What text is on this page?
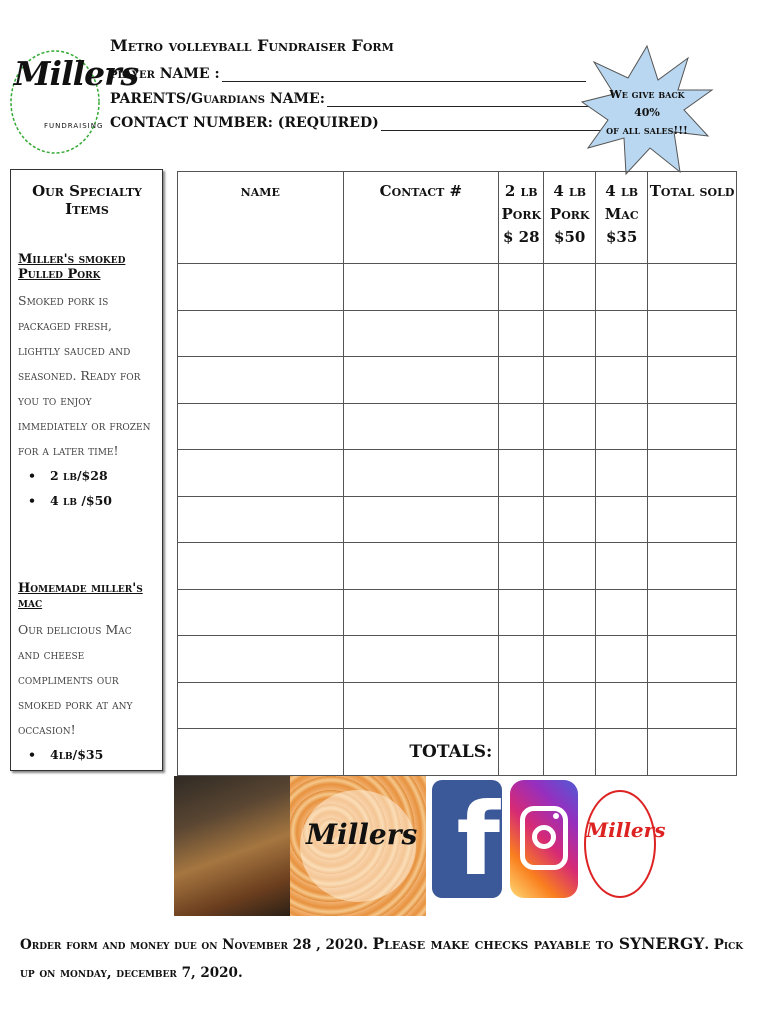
Millers
FUNDRAISING
Metro volleyball Fundraiser Form
player NAME :
PARENTS/Guardians NAME:
CONTACT NUMBER: (REQUIRED)
We give back
40%
of all sales!!!
Our Specialty Items
Miller's smoked Pulled Pork
Smoked pork is packaged fresh, lightly sauced and seasoned. Ready for you to enjoy immediately or frozen for a later time!
• 2 lb/$28
• 4 lb /$50
Homemade miller's mac
Our delicious Mac and cheese compliments our smoked pork at any occasion!
• 4lb/$35
name	Contact #	2 lb Pork $ 28	4 lb Pork $50	4 lb Mac $35	Total sold

	TOTALS:				
Millers f	Millers
Order form and money due on November 28 , 2020. Please make checks payable to SYNERGY. Pick up on monday, december 7, 2020.
